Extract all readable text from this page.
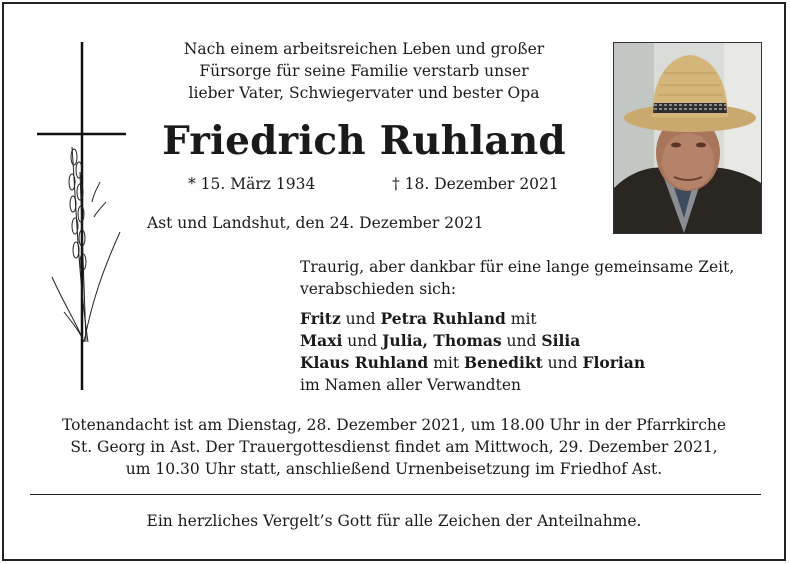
Nach einem arbeitsreichen Leben und großer
Fürsorge für seine Familie verstarb unser
lieber Vater, Schwiegervater und bester Opa
Friedrich Ruhland
* 15. März 1934	† 18. Dezember 2021
Ast und Landshut, den 24. Dezember 2021
Traurig, aber dankbar für eine lange gemeinsame Zeit,
verabschieden sich:
Fritz und Petra Ruhland mit
Maxi und Julia, Thomas und Silia
Klaus Ruhland mit Benedikt und Florian
im Namen aller Verwandten
Totenandacht ist am Dienstag, 28. Dezember 2021, um 18.00 Uhr in der Pfarrkirche
St. Georg in Ast. Der Trauergottesdienst findet am Mittwoch, 29. Dezember 2021,
um 10.30 Uhr statt, anschließend Urnenbeisetzung im Friedhof Ast.
Ein herzliches Vergelt’s Gott für alle Zeichen der Anteilnahme.
